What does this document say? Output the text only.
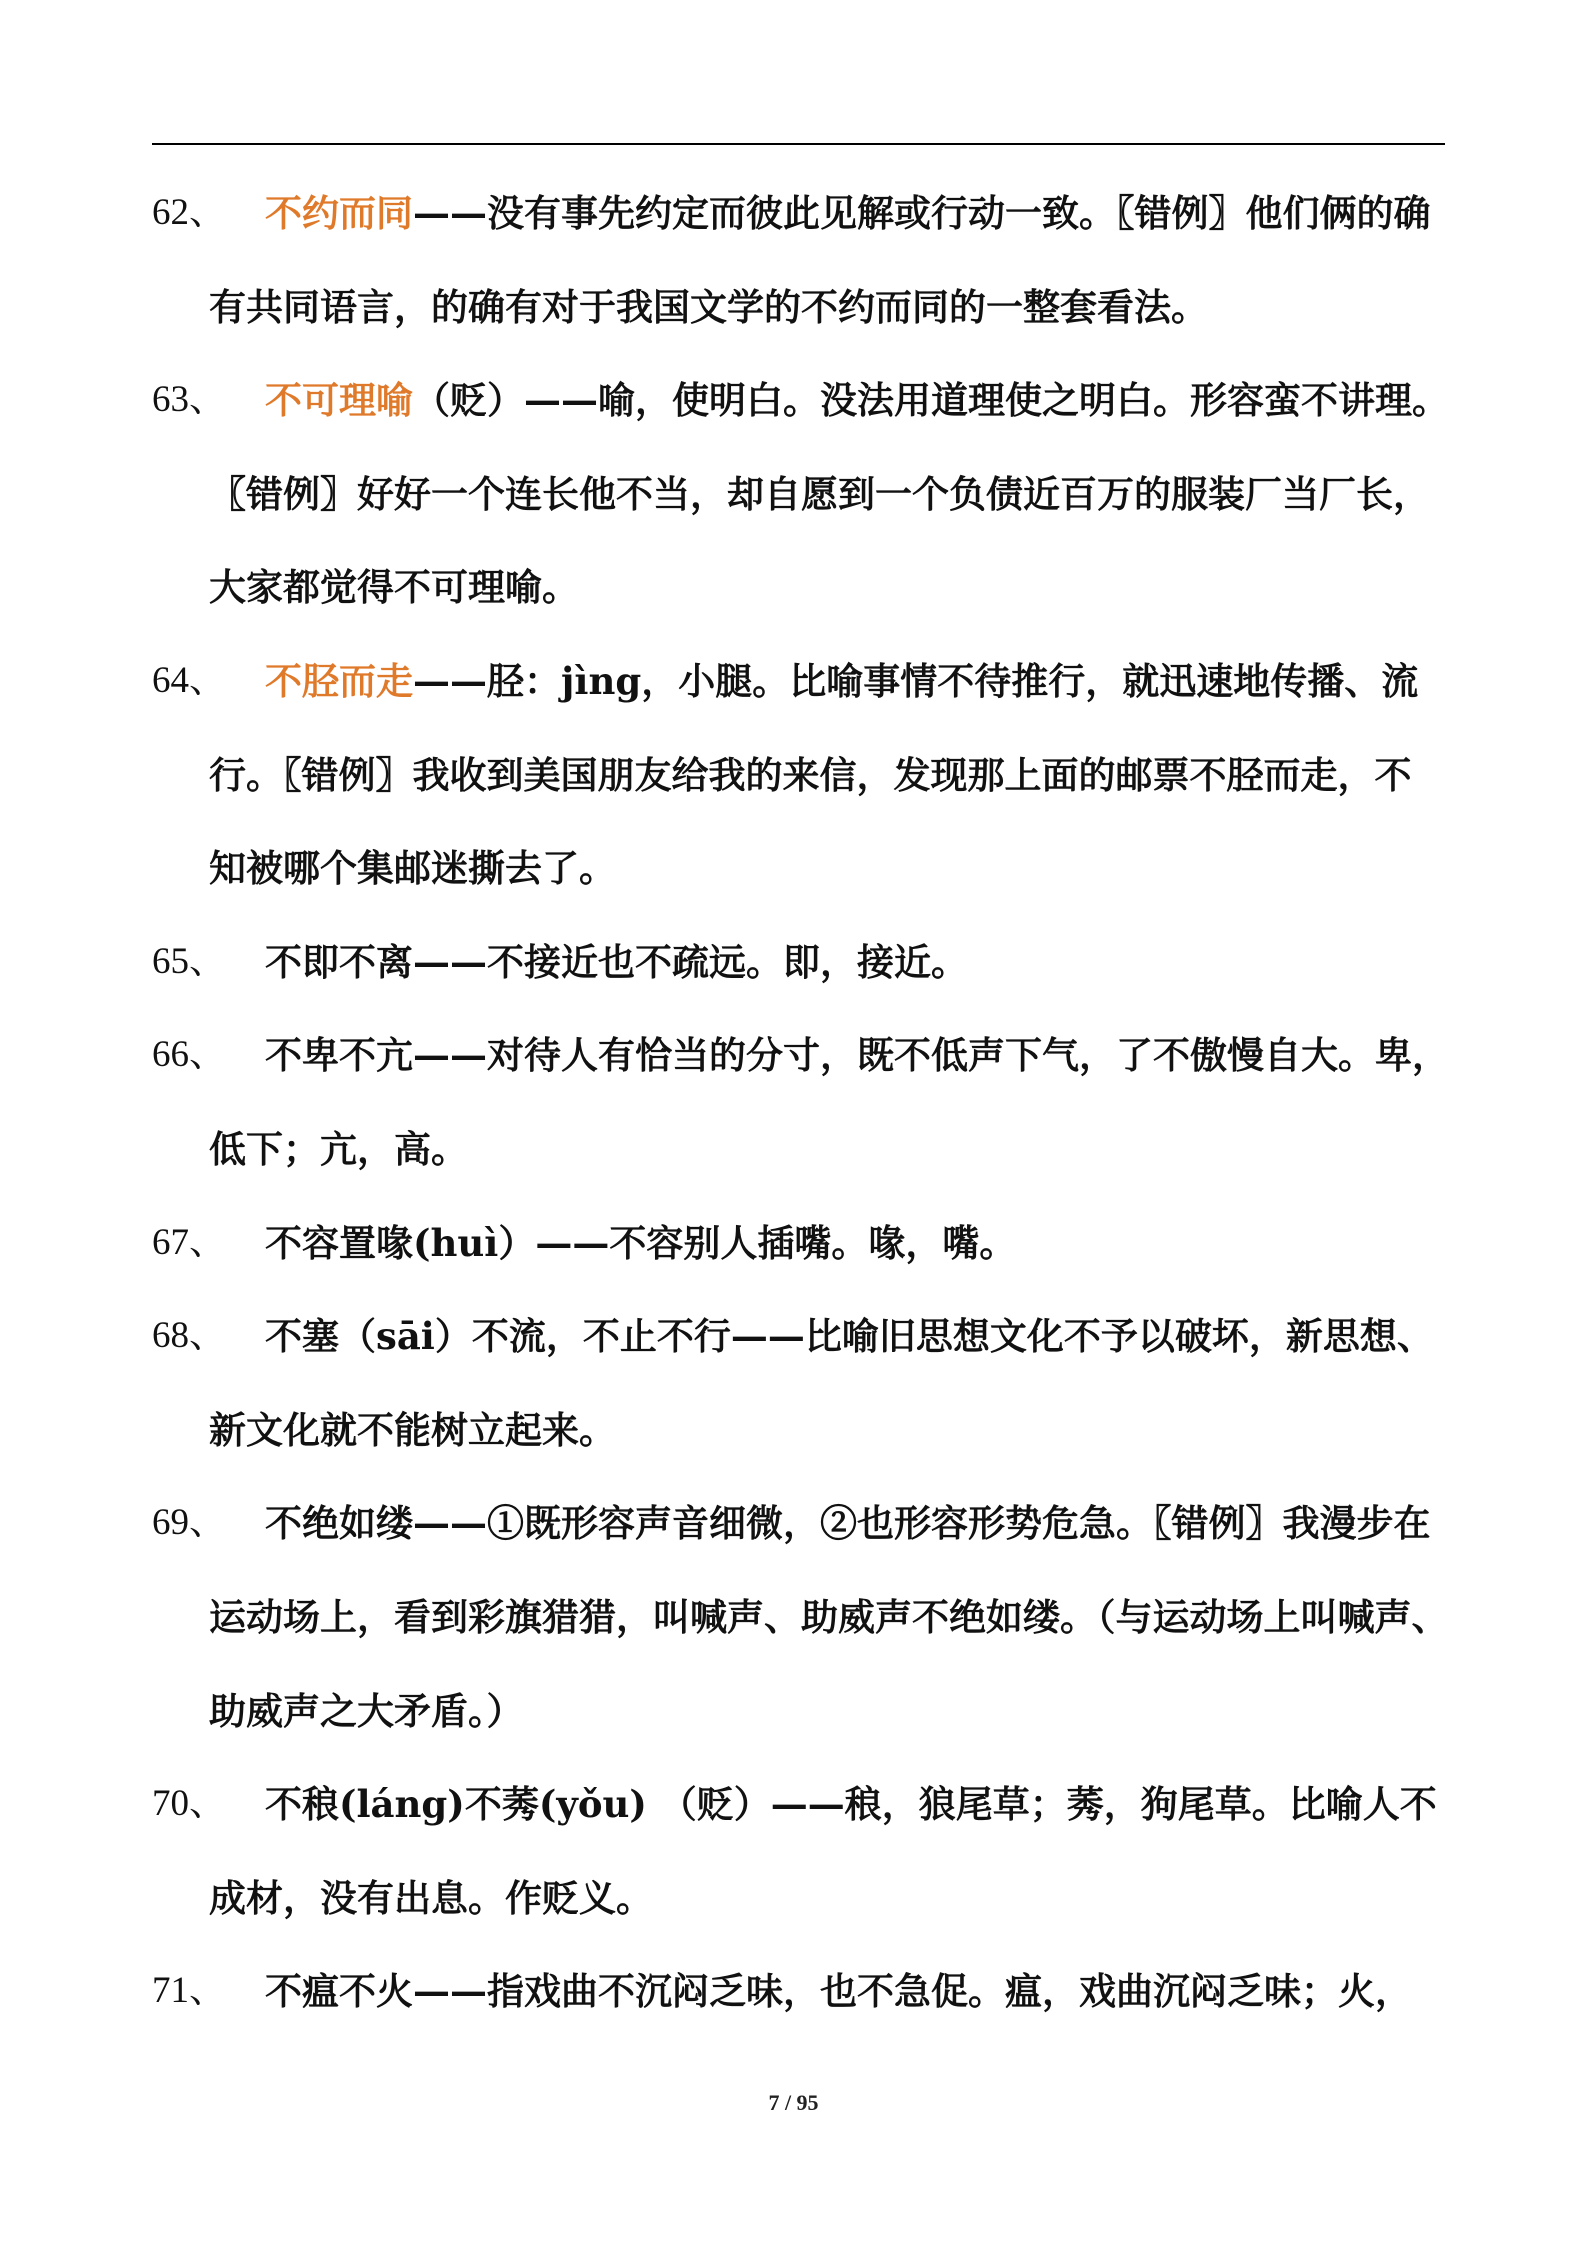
62、	不约而同——没有事先约定而彼此见解或行动一致。〖错例〗他们俩的确
有共同语言，的确有对于我国文学的不约而同的一整套看法。
63、	不可理喻（贬）——喻，使明白。没法用道理使之明白。形容蛮不讲理。
〖错例〗好好一个连长他不当，却自愿到一个负债近百万的服装厂当厂长，
大家都觉得不可理喻。
64、	不胫而走——胫：jìng，小腿。比喻事情不待推行，就迅速地传播、流
行。〖错例〗我收到美国朋友给我的来信，发现那上面的邮票不胫而走，不
知被哪个集邮迷撕去了。
65、	不即不离——不接近也不疏远。即，接近。
66、	不卑不亢——对待人有恰当的分寸，既不低声下气，了不傲慢自大。卑，
低下；亢，高。
67、	不容置喙(huì）——不容别人插嘴。喙，嘴。
68、	不塞（sāi）不流，不止不行——比喻旧思想文化不予以破坏，新思想、
新文化就不能树立起来。
69、	不绝如缕——①既形容声音细微，②也形容形势危急。〖错例〗我漫步在
运动场上，看到彩旗猎猎，叫喊声、助威声不绝如缕。（与运动场上叫喊声、
助威声之大矛盾。）
70、	不稂(láng)不莠(yǒu) （贬）——稂，狼尾草；莠，狗尾草。比喻人不
成材，没有出息。作贬义。
71、	不瘟不火——指戏曲不沉闷乏味，也不急促。瘟，戏曲沉闷乏味；火，
7 / 95
